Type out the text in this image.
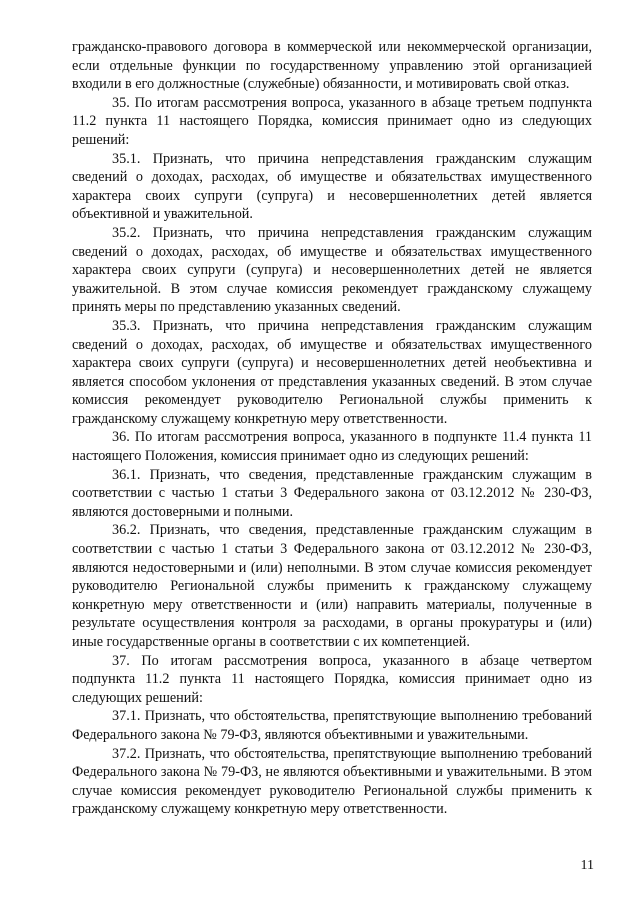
гражданско-правового договора в коммерческой или некоммерческой организации, если отдельные функции по государственному управлению этой организацией входили в его должностные (служебные) обязанности, и мотивировать свой отказ.

35. По итогам рассмотрения вопроса, указанного в абзаце третьем подпункта 11.2 пункта 11 настоящего Порядка, комиссия принимает одно из следующих решений:

35.1. Признать, что причина непредставления гражданским служащим сведений о доходах, расходах, об имуществе и обязательствах имущественного характера своих супруги (супруга) и несовершеннолетних детей является объективной и уважительной.

35.2. Признать, что причина непредставления гражданским служащим сведений о доходах, расходах, об имуществе и обязательствах имущественного характера своих супруги (супруга) и несовершеннолетних детей не является уважительной. В этом случае комиссия рекомендует гражданскому служащему принять меры по представлению указанных сведений.

35.3. Признать, что причина непредставления гражданским служащим сведений о доходах, расходах, об имуществе и обязательствах имущественного характера своих супруги (супруга) и несовершеннолетних детей необъективна и является способом уклонения от представления указанных сведений. В этом случае комиссия рекомендует руководителю Региональной службы применить к гражданскому служащему конкретную меру ответственности.

36. По итогам рассмотрения вопроса, указанного в подпункте 11.4 пункта 11 настоящего Положения, комиссия принимает одно из следующих решений:

36.1. Признать, что сведения, представленные гражданским служащим в соответствии с частью 1 статьи 3 Федерального закона от 03.12.2012 № 230-ФЗ, являются достоверными и полными.

36.2. Признать, что сведения, представленные гражданским служащим в соответствии с частью 1 статьи 3 Федерального закона от 03.12.2012 № 230-ФЗ, являются недостоверными и (или) неполными. В этом случае комиссия рекомендует руководителю Региональной службы применить к гражданскому служащему конкретную меру ответственности и (или) направить материалы, полученные в результате осуществления контроля за расходами, в органы прокуратуры и (или) иные государственные органы в соответствии с их компетенцией.

37. По итогам рассмотрения вопроса, указанного в абзаце четвертом подпункта 11.2 пункта 11 настоящего Порядка, комиссия принимает одно из следующих решений:

37.1. Признать, что обстоятельства, препятствующие выполнению требований Федерального закона № 79-ФЗ, являются объективными и уважительными.

37.2. Признать, что обстоятельства, препятствующие выполнению требований Федерального закона № 79-ФЗ, не являются объективными и уважительными. В этом случае комиссия рекомендует руководителю Региональной службы применить к гражданскому служащему конкретную меру ответственности.

11
